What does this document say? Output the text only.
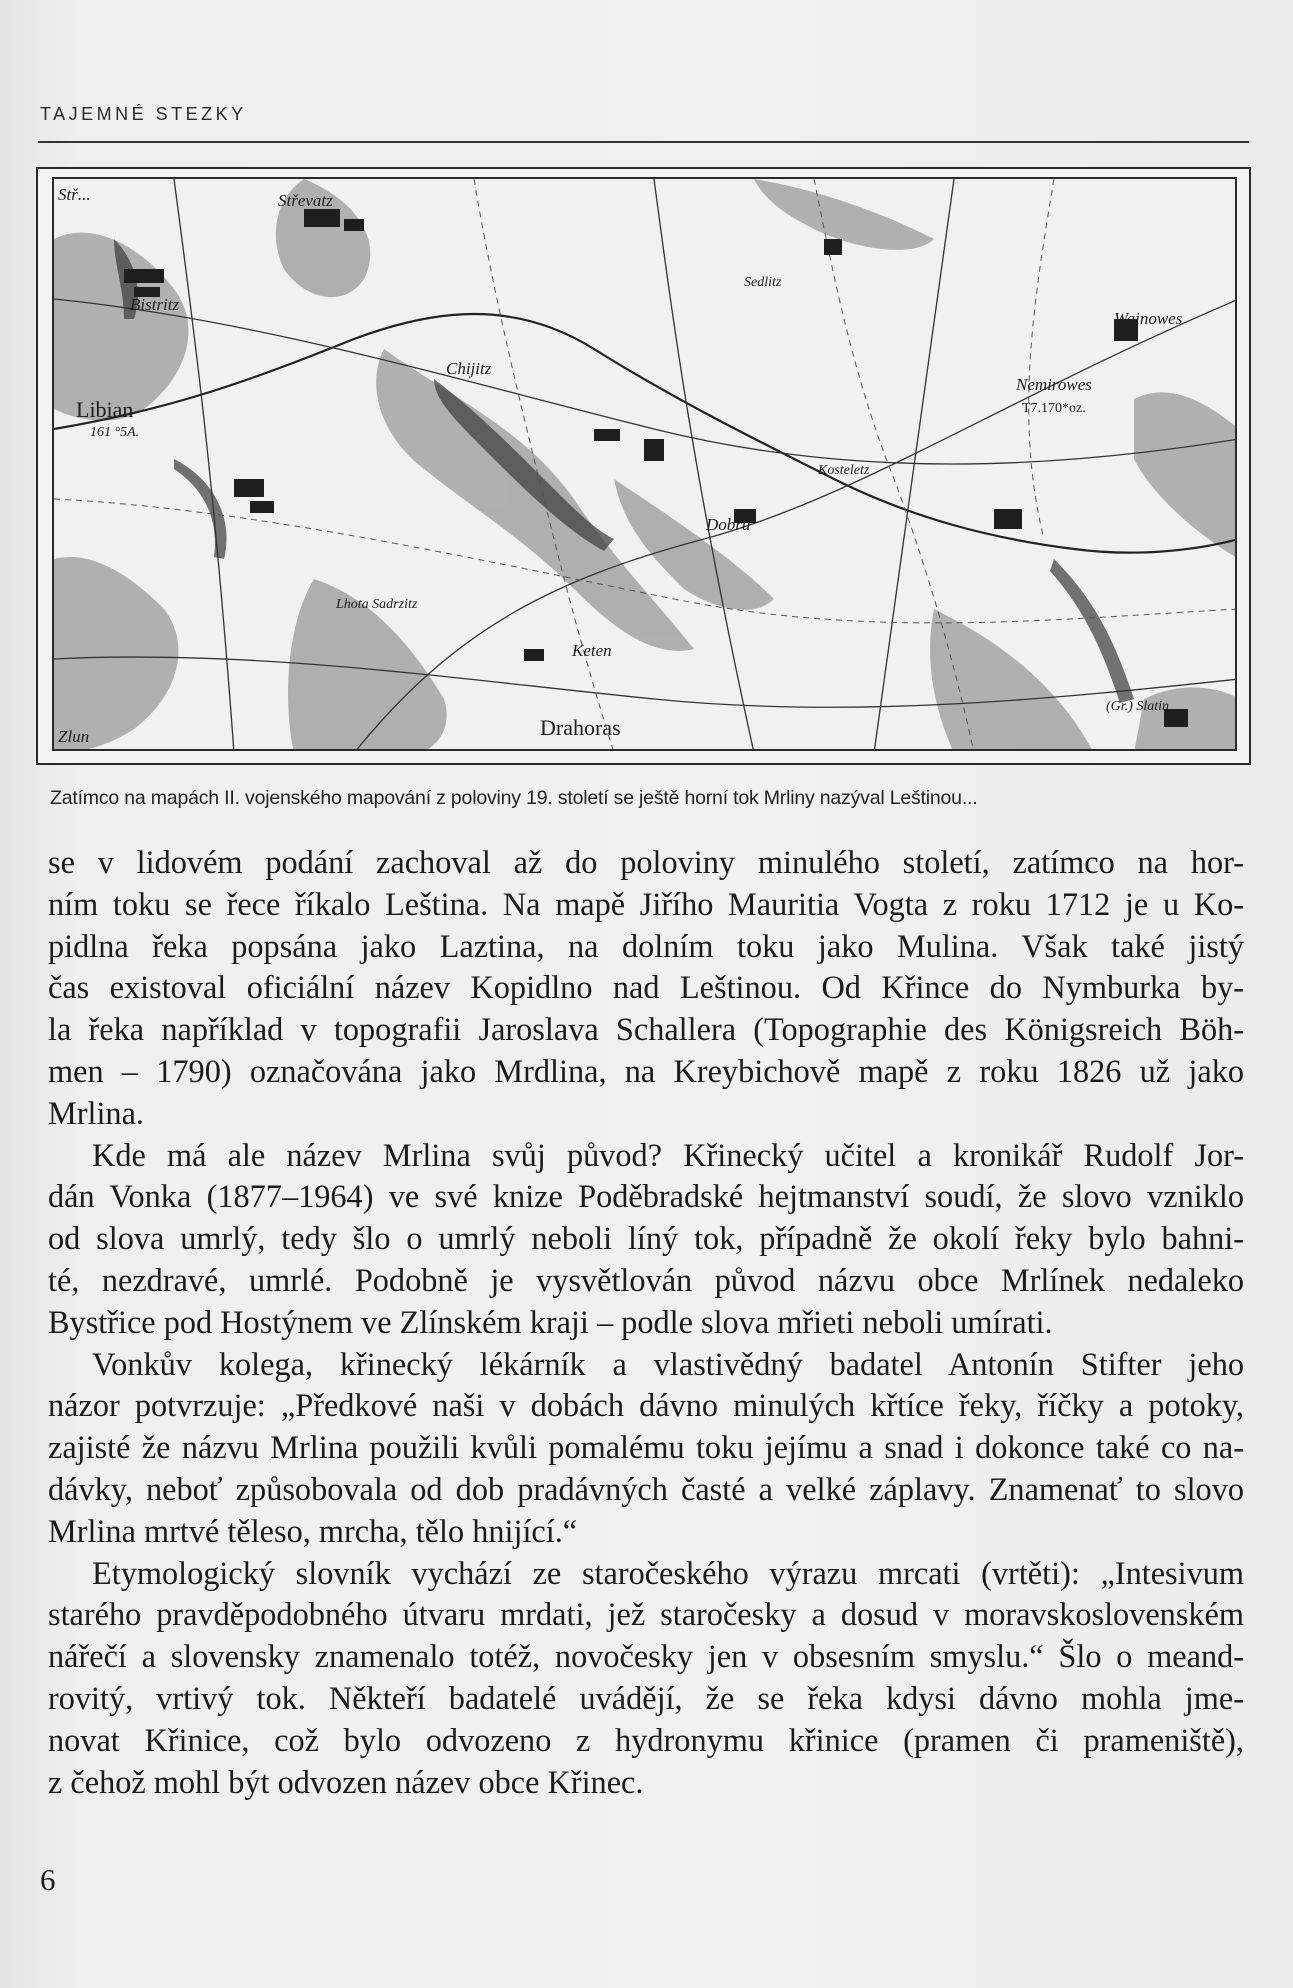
TAJEMNÉ STEZKY
Stř...	Střevatz
Bistritz
Libian
161 °5A.
Chijitz
Sedlitz
Wainowes
Nemirowes
T7.170*oz.
Kosteletz
Dobru
Keten
Lhota Sadrzitz
Drahoras
(Gr.) Slatin
Zlun
Zatímco na mapách II. vojenského mapování z poloviny 19. století se ještě horní tok Mrliny nazýval Leštinou...

se v lidovém podání zachoval až do poloviny minulého století, zatímco na hor-
ním toku se řece říkalo Leština. Na mapě Jiřího Mauritia Vogta z roku 1712 je u Ko-
pidlna řeka popsána jako Laztina, na dolním toku jako Mulina. Však také jistý
čas existoval oficiální název Kopidlno nad Leštinou. Od Křince do Nymburka by-
la řeka například v topografii Jaroslava Schallera (Topographie des Königsreich Böh-
men – 1790) označována jako Mrdlina, na Kreybichově mapě z roku 1826 už jako
Mrlina.

Kde má ale název Mrlina svůj původ? Křinecký učitel a kronikář Rudolf Jor-
dán Vonka (1877–1964) ve své knize Poděbradské hejtmanství soudí, že slovo vzniklo
od slova umrlý, tedy šlo o umrlý neboli líný tok, případně že okolí řeky bylo bahni-
té, nezdravé, umrlé. Podobně je vysvětlován původ názvu obce Mrlínek nedaleko
Bystřice pod Hostýnem ve Zlínském kraji – podle slova mřieti neboli umírati.

Vonkův kolega, křinecký lékárník a vlastivědný badatel Antonín Stifter jeho
názor potvrzuje: „Předkové naši v dobách dávno minulých křtíce řeky, říčky a potoky,
zajisté že názvu Mrlina použili kvůli pomalému toku jejímu a snad i dokonce také co na-
dávky, neboť způsobovala od dob pradávných časté a velké záplavy. Znamenať to slovo
Mrlina mrtvé těleso, mrcha, tělo hnijící.“

Etymologický slovník vychází ze staročeského výrazu mrcati (vrtěti): „Intesivum
starého pravděpodobného útvaru mrdati, jež staročesky a dosud v moravskoslovenském
nářečí a slovensky znamenalo totéž, novočesky jen v obsesním smyslu.“ Šlo o meand-
rovitý, vrtivý tok. Někteří badatelé uvádějí, že se řeka kdysi dávno mohla jme-
novat Křinice, což bylo odvozeno z hydronymu křinice (pramen či prameniště),
z čehož mohl být odvozen název obce Křinec.

6
